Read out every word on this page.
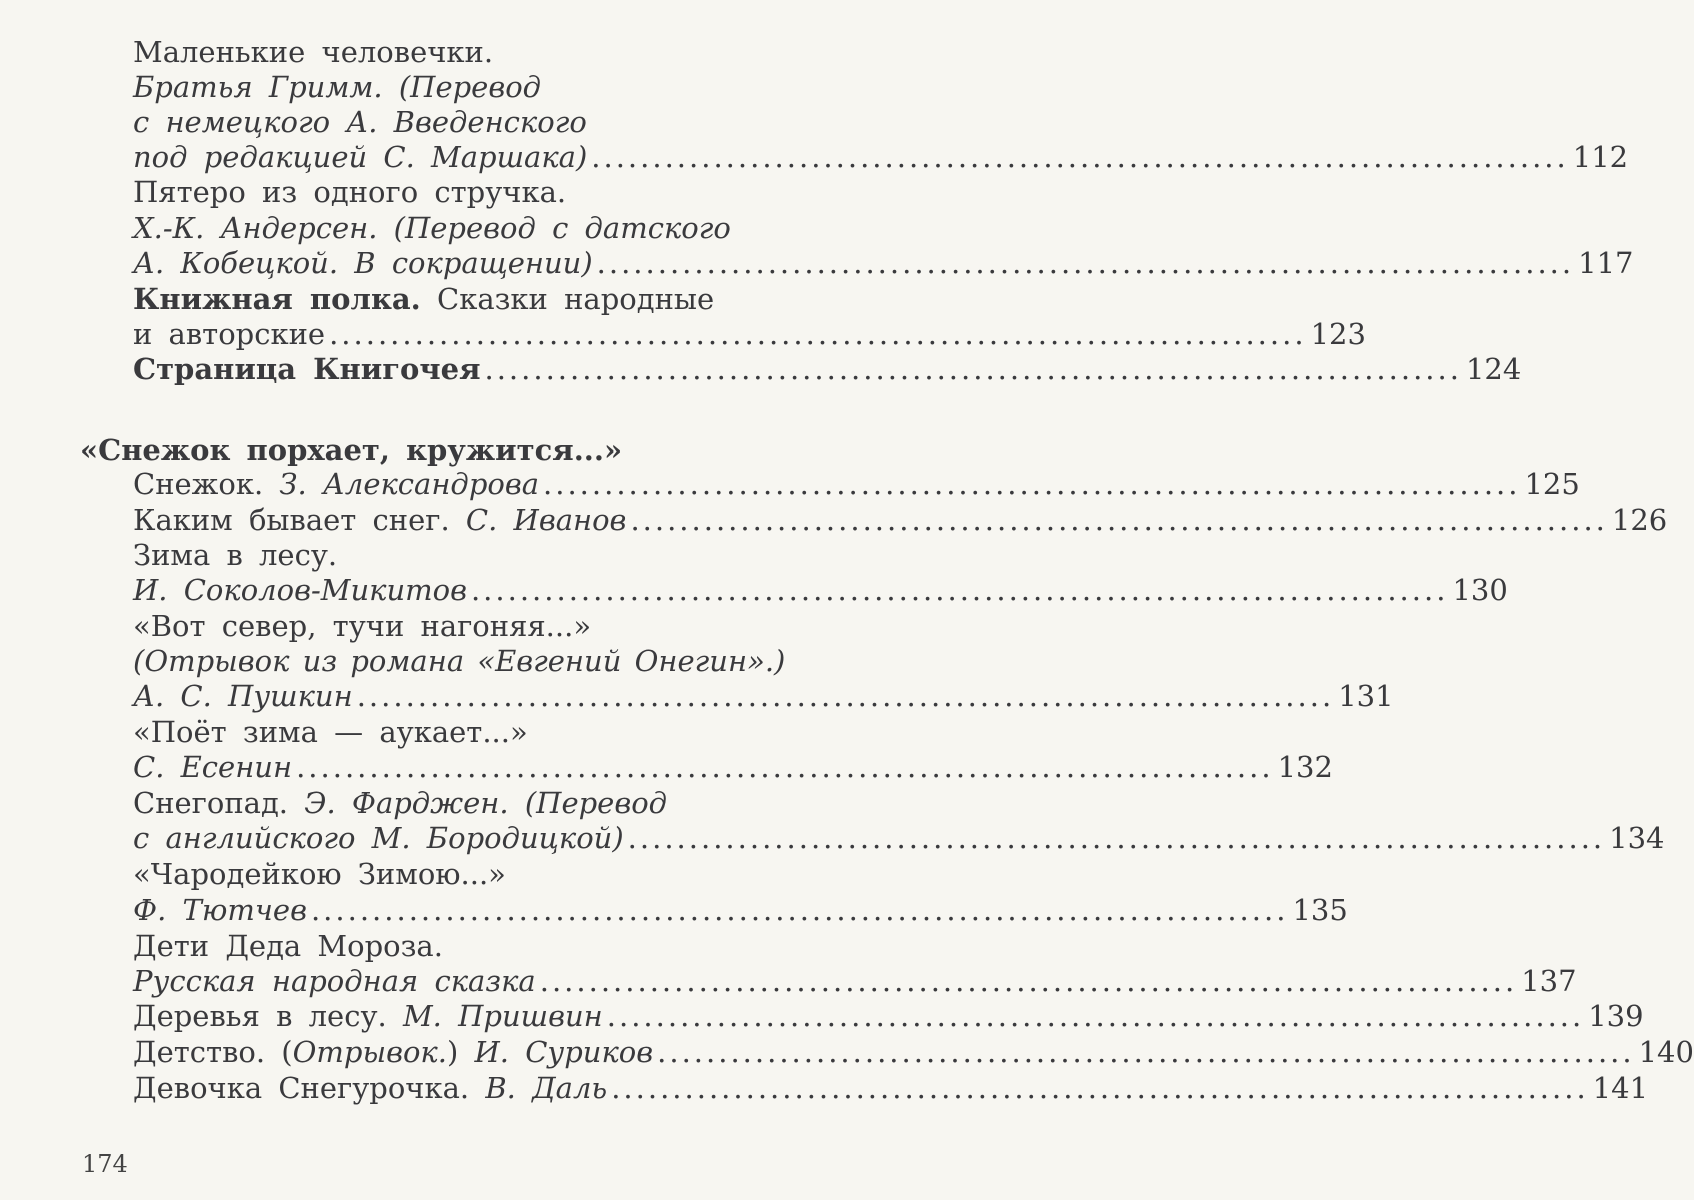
Маленькие человечки.
Братья Гримм. (Перевод
с немецкого А. Введенского
под редакцией С. Маршака) ................................................................................ 112
Пятеро из одного стручка.
Х.-К. Андерсен. (Перевод с датского
А. Кобецкой. В сокращении) ................................................................................ 117
Книжная полка. Сказки народные
и авторские ................................................................................ 123
Страница Книгочея ................................................................................ 124
«Снежок порхает, кружится...»
Снежок. З. Александрова ................................................................................ 125
Каким бывает снег. С. Иванов ................................................................................ 126
Зима в лесу.
И. Соколов-Микитов ................................................................................ 130
«Вот север, тучи нагоняя...»
(Отрывок из романа «Евгений Онегин».)
А. С. Пушкин ................................................................................ 131
«Поёт зима — аукает...»
С. Есенин ................................................................................ 132
Снегопад. Э. Фарджен. (Перевод
с английского М. Бородицкой) ................................................................................ 134
«Чародейкою Зимою...»
Ф. Тютчев ................................................................................ 135
Дети Деда Мороза.
Русская народная сказка ................................................................................ 137
Деревья в лесу. М. Пришвин ................................................................................ 139
Детство. ( Отрывок. ) И. Суриков ................................................................................ 140
Девочка Снегурочка. В. Даль ................................................................................ 141
174
